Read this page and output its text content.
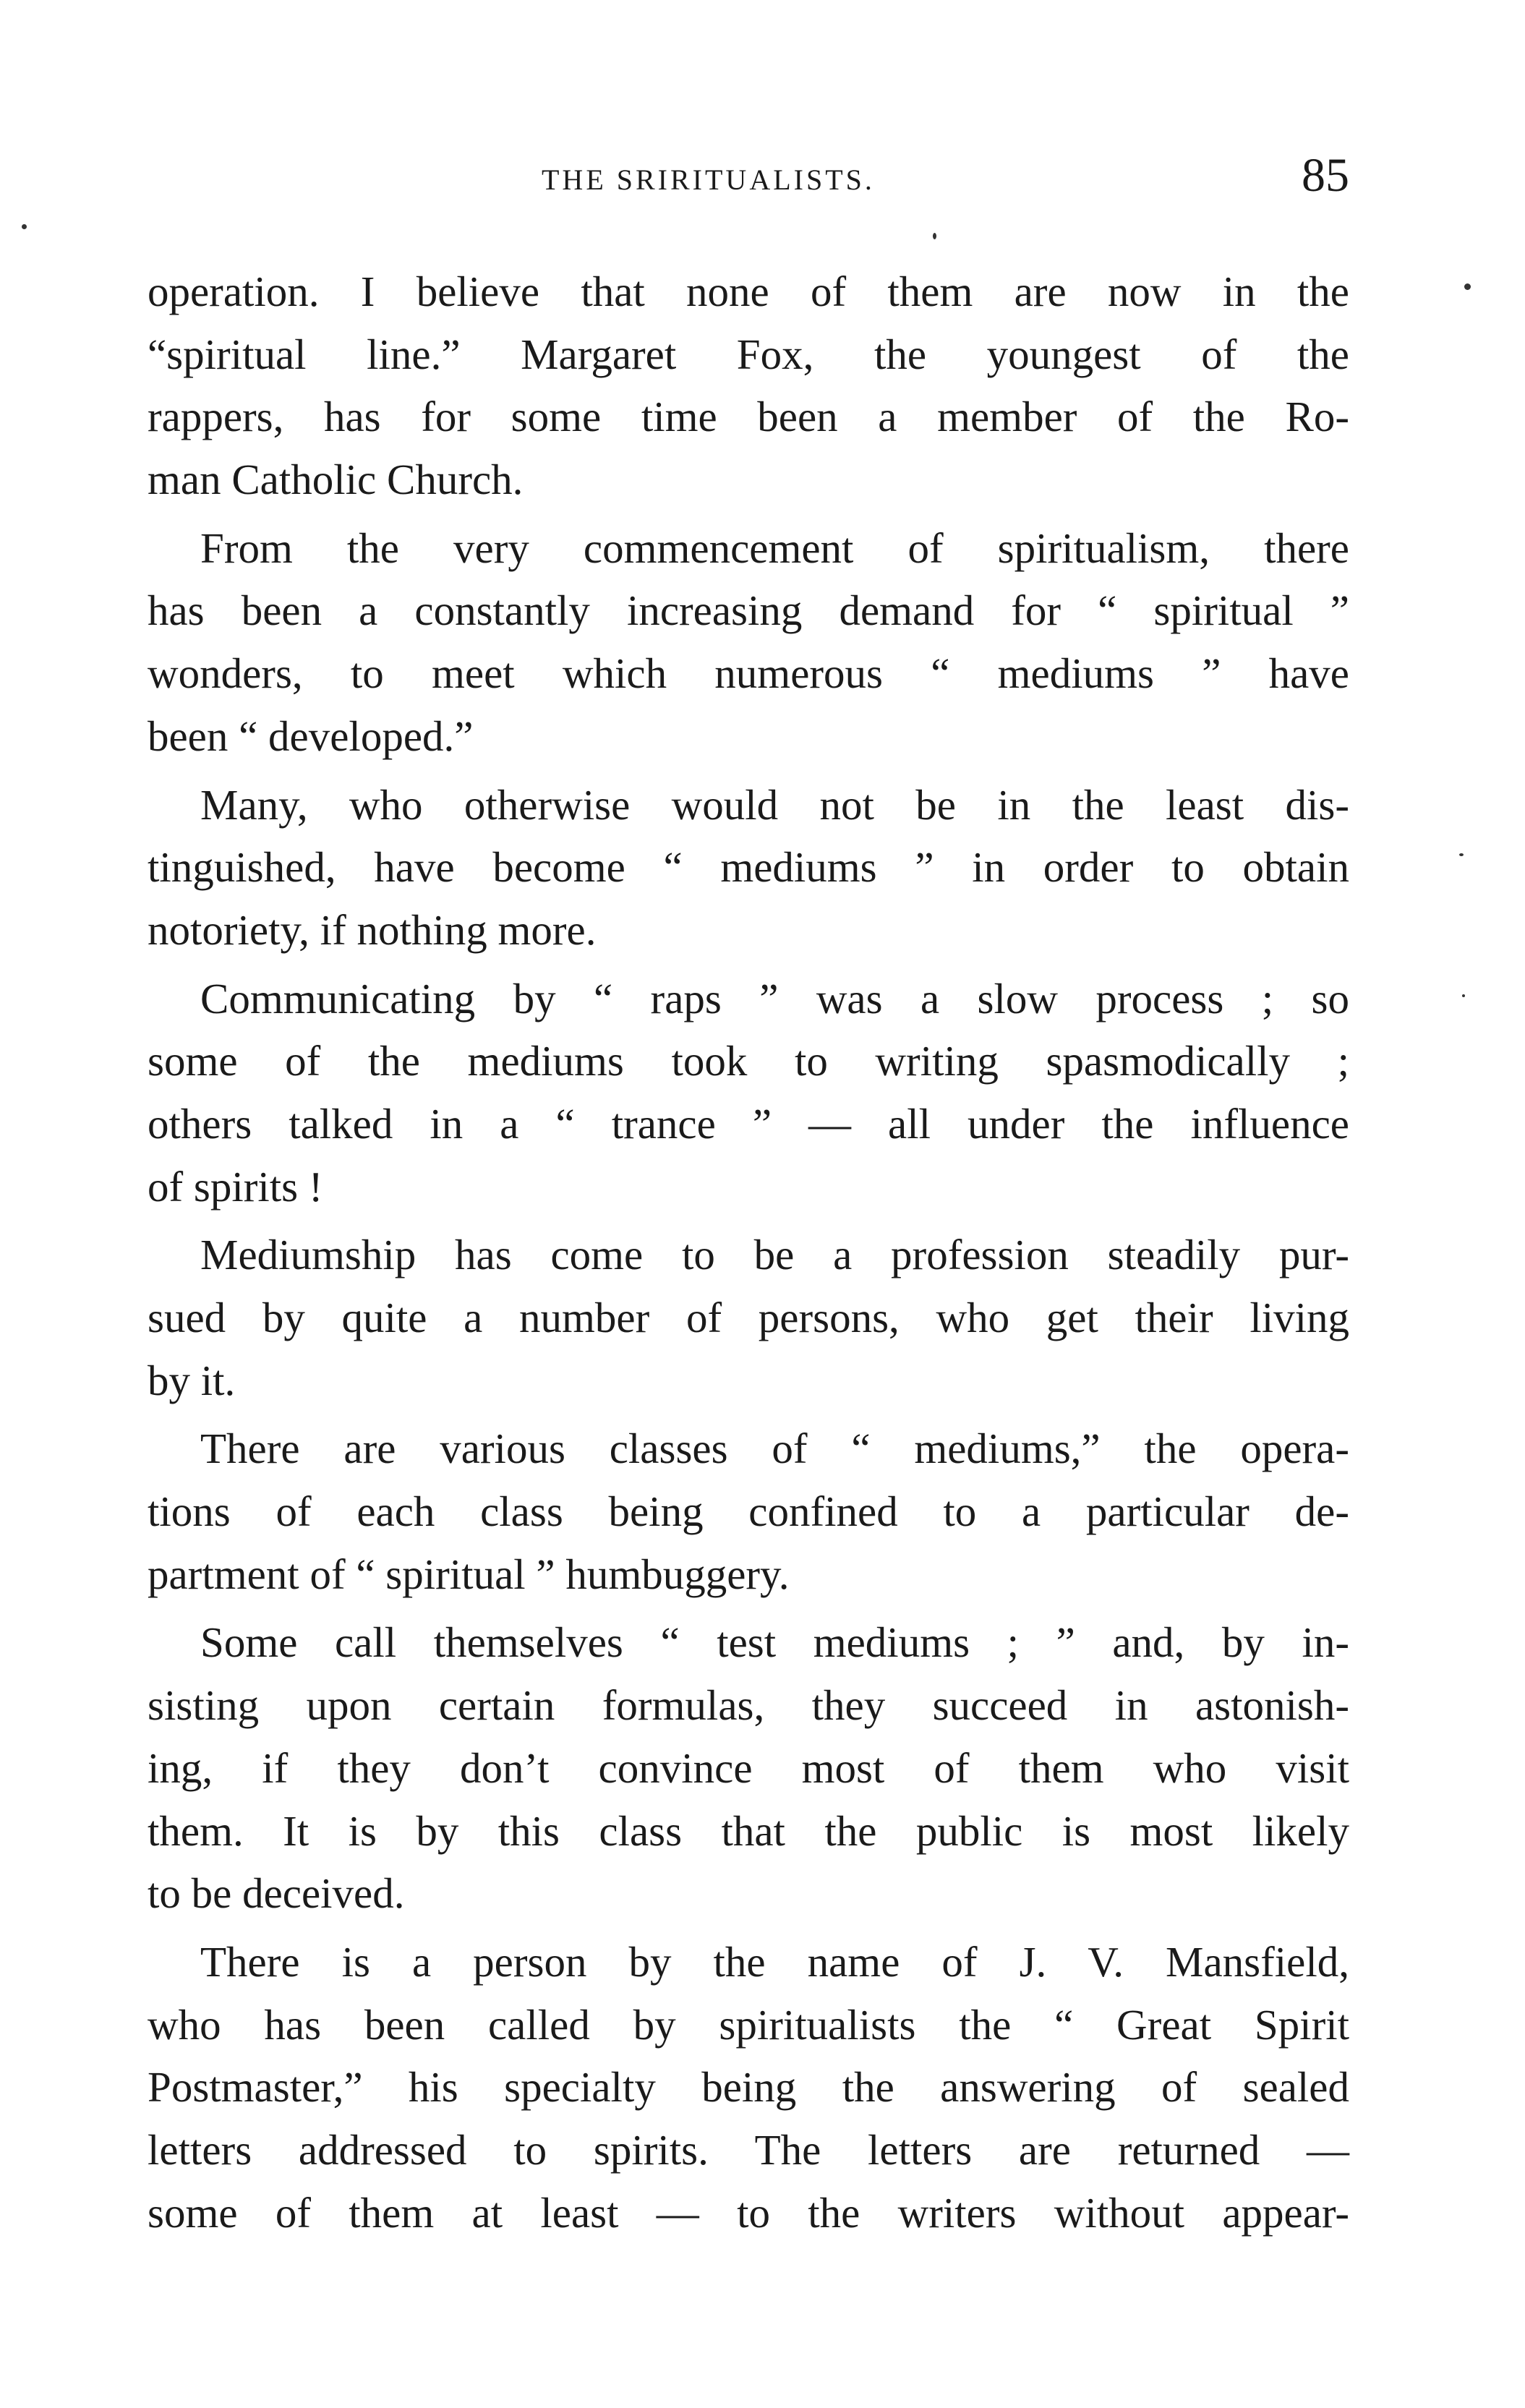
THE SRIRITUALISTS.	85
operation. I believe that none of them are now in the
“spiritual line.” Margaret Fox, the youngest of the
rappers, has for some time been a member of the Ro-
man Catholic Church.
From the very commencement of spiritualism, there
has been a constantly increasing demand for “ spiritual ”
wonders, to meet which numerous “ mediums ” have
been “ developed.”
Many, who otherwise would not be in the least dis-
tinguished, have become “ mediums ” in order to obtain
notoriety, if nothing more.
Communicating by “ raps ” was a slow process ; so
some of the mediums took to writing spasmodically ;
others talked in a “ trance ” — all under the influence
of spirits !
Mediumship has come to be a profession steadily pur-
sued by quite a number of persons, who get their living
by it.
There are various classes of “ mediums,” the opera-
tions of each class being confined to a particular de-
partment of “ spiritual ” humbuggery.
Some call themselves “ test mediums ; ” and, by in-
sisting upon certain formulas, they succeed in astonish-
ing, if they don’t convince most of them who visit
them. It is by this class that the public is most likely
to be deceived.
There is a person by the name of J. V. Mansfield,
who has been called by spiritualists the “ Great Spirit
Postmaster,” his specialty being the answering of sealed
letters addressed to spirits. The letters are returned —
some of them at least — to the writers without appear-
